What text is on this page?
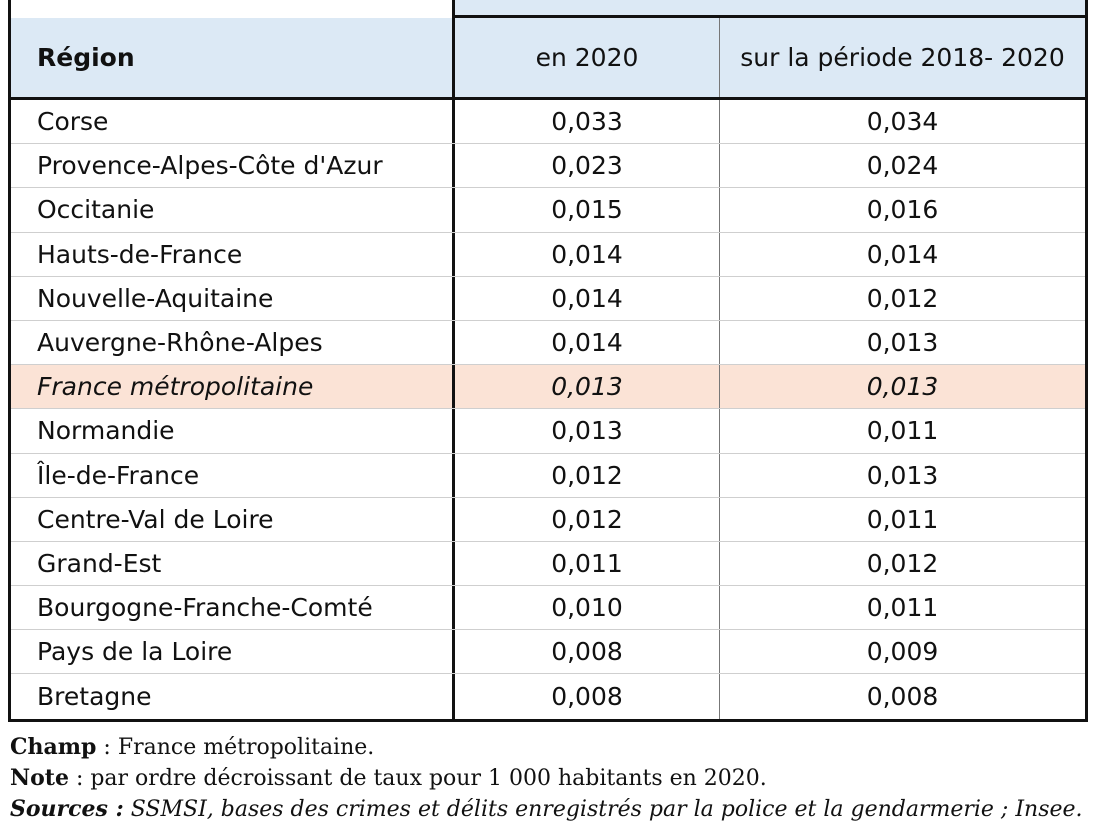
Région	en 2020	sur la période 2018- 2020
Corse	0,033	0,034
Provence-Alpes-Côte d'Azur	0,023	0,024
Occitanie	0,015	0,016
Hauts-de-France	0,014	0,014
Nouvelle-Aquitaine	0,014	0,012
Auvergne-Rhône-Alpes	0,014	0,013
France métropolitaine	0,013	0,013
Normandie	0,013	0,011
Île-de-France	0,012	0,013
Centre-Val de Loire	0,012	0,011
Grand-Est	0,011	0,012
Bourgogne-Franche-Comté	0,010	0,011
Pays de la Loire	0,008	0,009
Bretagne	0,008	0,008
Champ : France métropolitaine.
Note : par ordre décroissant de taux pour 1 000 habitants en 2020.
Sources : SSMSI, bases des crimes et délits enregistrés par la police et la gendarmerie ; Insee.
